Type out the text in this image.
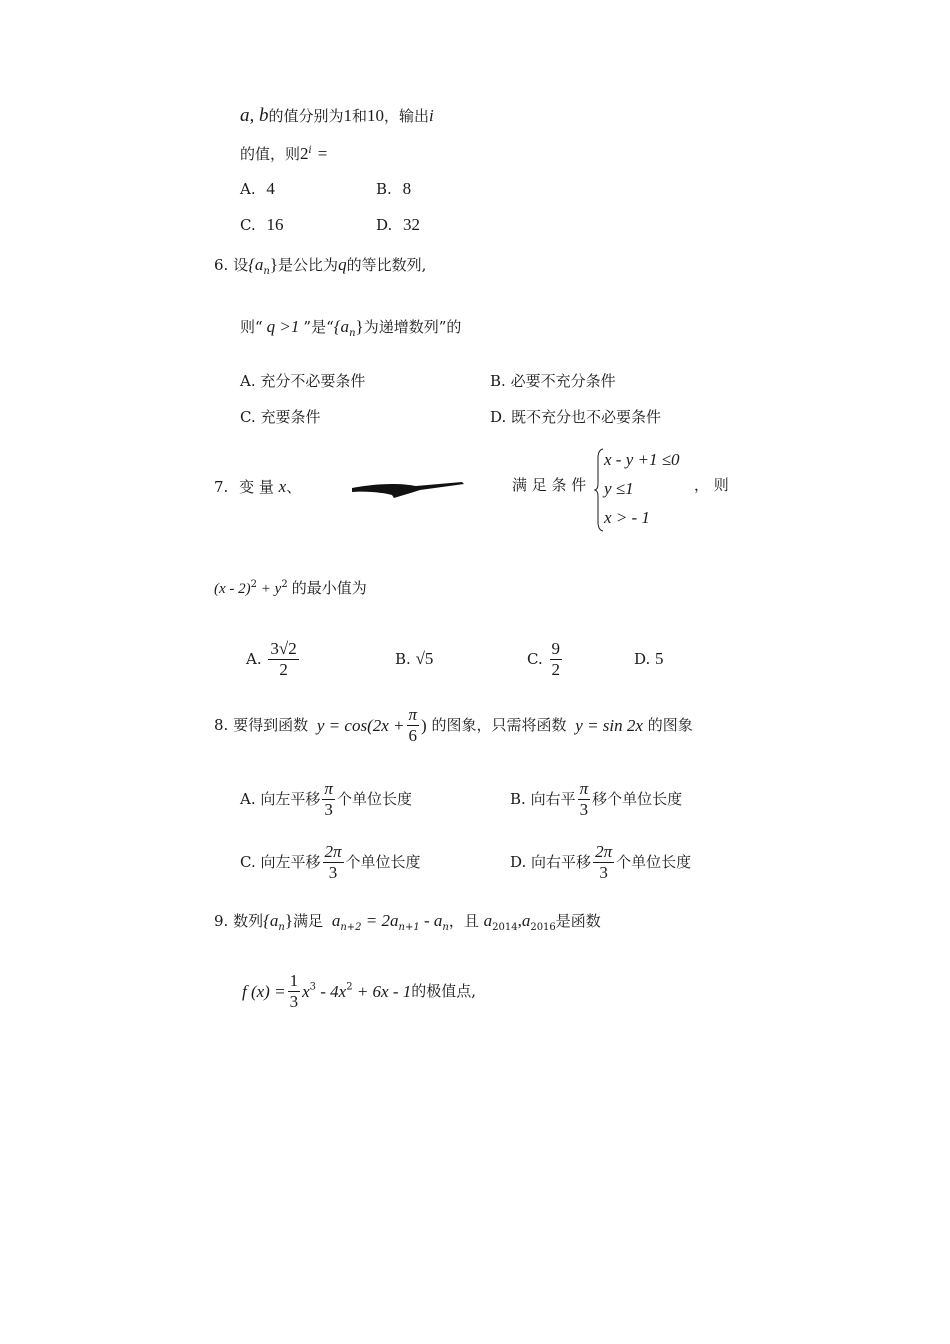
a, b的值分别为1和10，输出i
的值，则$2^i$ =
A. 4	B. 8
C. 16	D. 32
6. 设$\{a_n\}$是公比为q的等比数列,
则“ q >1 ”是“$\{a_n\}$为递增数列”的
A. 充分不必要条件	B. 必要不充分条件
C. 充要条件	D. 既不充分也不必要条件
7. 变 量 x、	满 足 条 件
x - y +1 ≤0
y ≤1
x > - 1
， 则
$(x - 2)^2 + y^2$ 的最小值为
A. $\frac{3√2}{2}$	B. √5	C. $\frac{9}{2}$	D. 5
8. 要得到函数 $y = \cos(2x + \frac{\pi}{6}$ ) 的图象，只需将函数 y = sin 2x 的图象
A. 向左平移 $\frac{\pi}{3}$ 个单位长度	B. 向右平 $\frac{\pi}{3}$ 移个单位长度
C. 向左平移 $\frac{2\pi}{3}$ 个单位长度	D. 向右平移 $\frac{2\pi}{3}$ 个单位长度
9. 数列$\{a_n\}$满足 $a_{n+2} = 2a_{n+1} - a_n$，且 $a_{2014},a_{2016}$是函数
f $(x) = \frac{1}{3} x^3 - 4x^2 + 6x - 1$的极值点,
